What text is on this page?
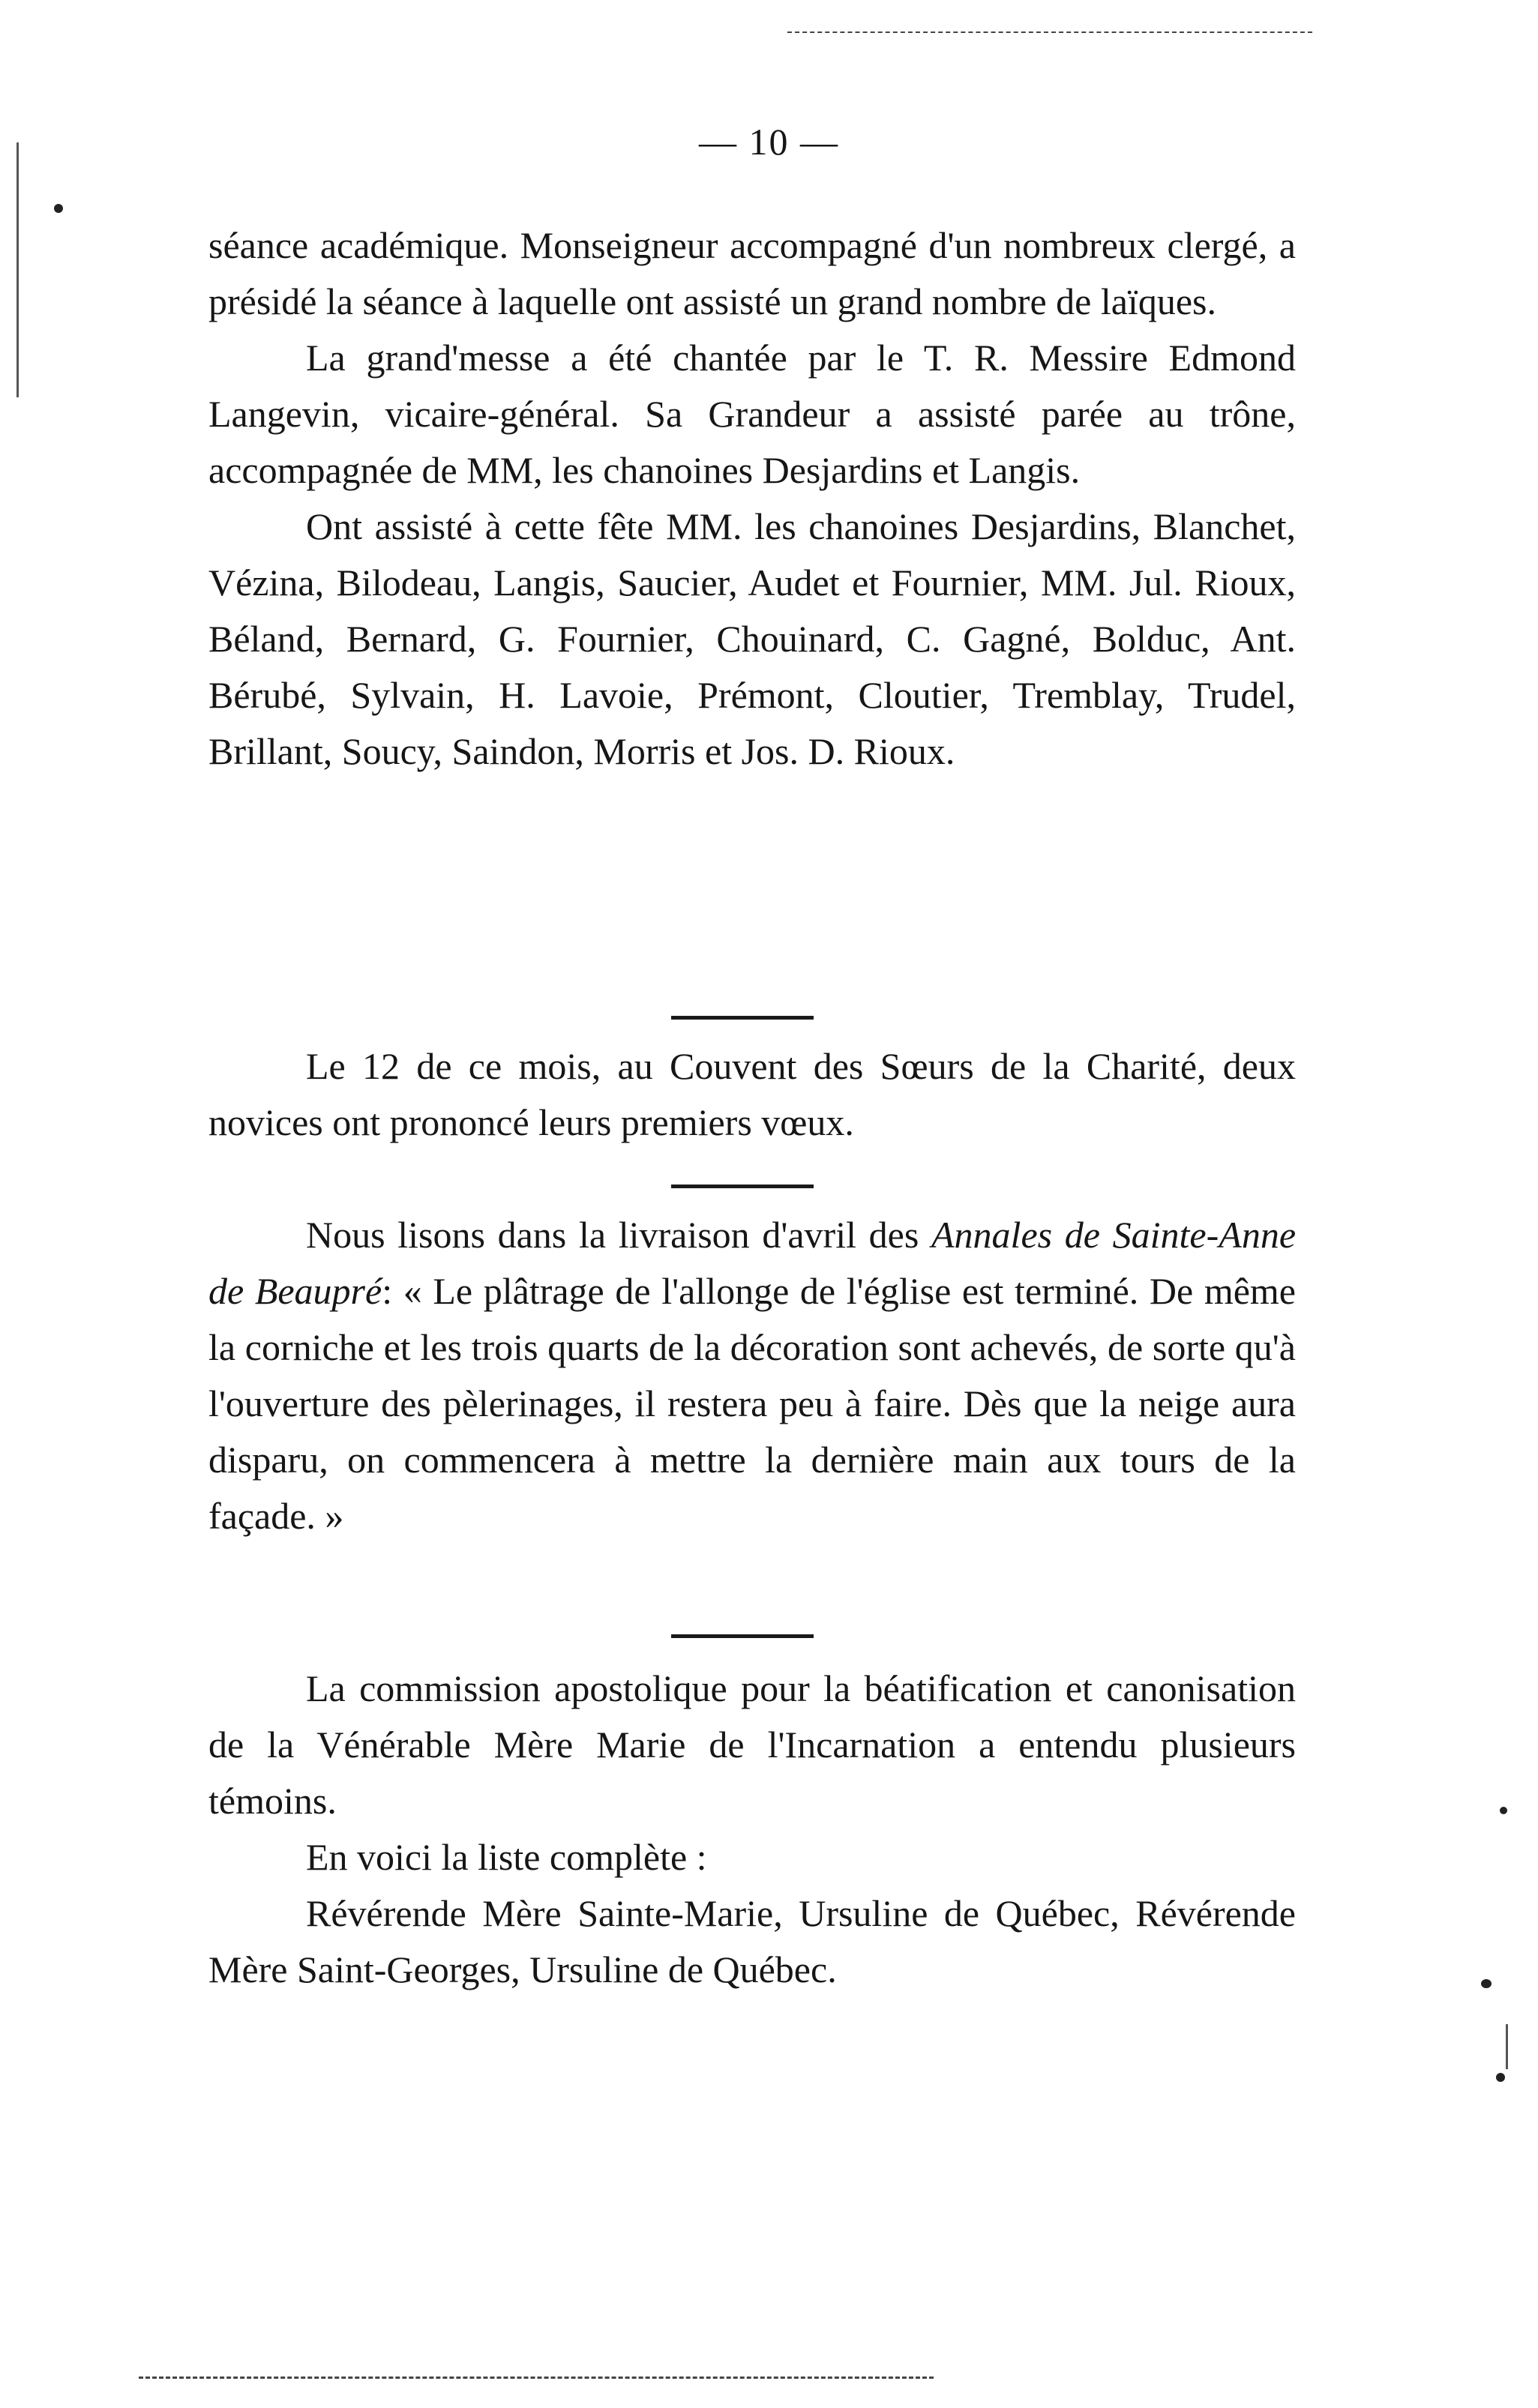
— 10 —

séance académique. Monseigneur accompagné d'un nombreux clergé, a présidé la séance à laquelle ont assisté un grand nombre de laïques.

La grand'messe a été chantée par le T. R. Messire Edmond Langevin, vicaire-général. Sa Grandeur a assisté parée au trône, accompagnée de MM, les chanoines Desjardins et Langis.

Ont assisté à cette fête MM. les chanoines Desjardins, Blanchet, Vézina, Bilodeau, Langis, Saucier, Audet et Fournier, MM. Jul. Rioux, Béland, Bernard, G. Fournier, Chouinard, C. Gagné, Bolduc, Ant. Bérubé, Sylvain, H. Lavoie, Prémont, Cloutier, Tremblay, Trudel, Brillant, Soucy, Saindon, Morris et Jos. D. Rioux.

Le 12 de ce mois, au Couvent des Sœurs de la Charité, deux novices ont prononcé leurs premiers vœux.

Nous lisons dans la livraison d'avril des Annales de Sainte-Anne de Beaupré: « Le plâtrage de l'allonge de l'église est terminé. De même la corniche et les trois quarts de la décoration sont achevés, de sorte qu'à l'ouverture des pèlerinages, il restera peu à faire. Dès que la neige aura disparu, on commencera à mettre la dernière main aux tours de la façade. »

La commission apostolique pour la béatification et canonisation de la Vénérable Mère Marie de l'Incarnation a entendu plusieurs témoins.

En voici la liste complète :

Révérende Mère Sainte-Marie, Ursuline de Québec, Révérende Mère Saint-Georges, Ursuline de Québec.
